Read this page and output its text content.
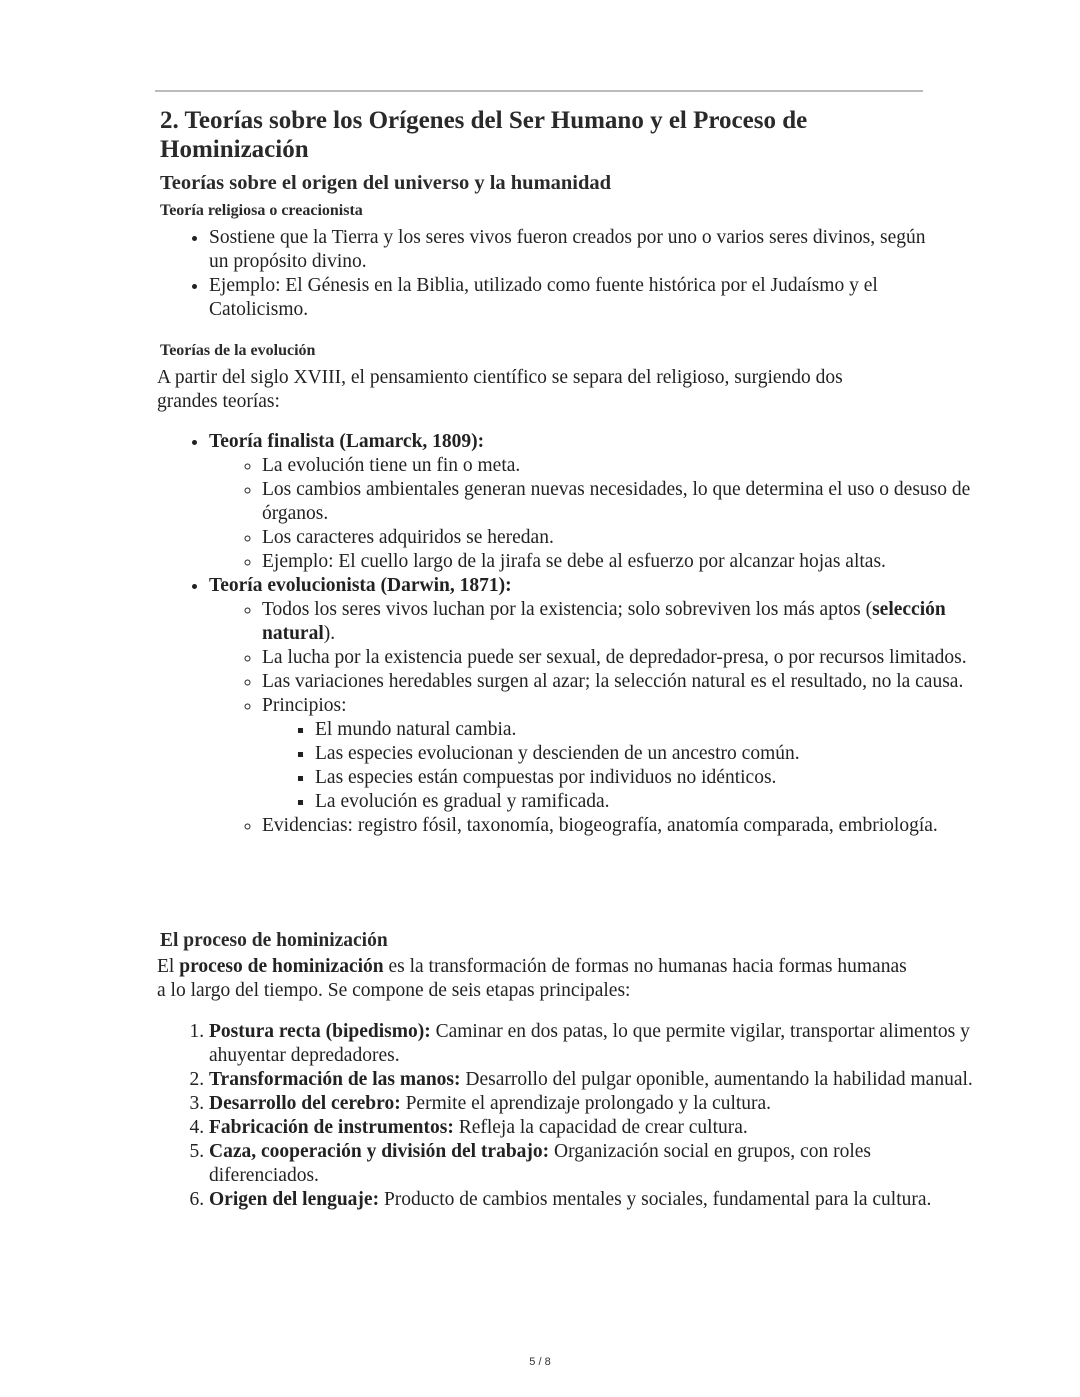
2. Teorías sobre los Orígenes del Ser Humano y el Proceso de Hominización
Teorías sobre el origen del universo y la humanidad
Teoría religiosa o creacionista
• Sostiene que la Tierra y los seres vivos fueron creados por uno o varios seres divinos, según un propósito divino.
• Ejemplo: El Génesis en la Biblia, utilizado como fuente histórica por el Judaísmo y el Catolicismo.
Teorías de la evolución

A partir del siglo XVIII, el pensamiento científico se separa del religioso, surgiendo dos grandes teorías:

• Teoría finalista (Lamarck, 1809):
◦ La evolución tiene un fin o meta.
◦ Los cambios ambientales generan nuevas necesidades, lo que determina el uso o desuso de órganos.
◦ Los caracteres adquiridos se heredan.
◦ Ejemplo: El cuello largo de la jirafa se debe al esfuerzo por alcanzar hojas altas.
• Teoría evolucionista (Darwin, 1871):
◦ Todos los seres vivos luchan por la existencia; solo sobreviven los más aptos (selección natural).
◦ La lucha por la existencia puede ser sexual, de depredador-presa, o por recursos limitados.
◦ Las variaciones heredables surgen al azar; la selección natural es el resultado, no la causa.
◦ Principios:
▪ El mundo natural cambia.
▪ Las especies evolucionan y descienden de un ancestro común.
▪ Las especies están compuestas por individuos no idénticos.
▪ La evolución es gradual y ramificada.
◦ Evidencias: registro fósil, taxonomía, biogeografía, anatomía comparada, embriología.
El proceso de hominización

El proceso de hominización es la transformación de formas no humanas hacia formas humanas a lo largo del tiempo. Se compone de seis etapas principales:

1. Postura recta (bipedismo): Caminar en dos patas, lo que permite vigilar, transportar alimentos y ahuyentar depredadores.
2. Transformación de las manos: Desarrollo del pulgar oponible, aumentando la habilidad manual.
3. Desarrollo del cerebro: Permite el aprendizaje prolongado y la cultura.
4. Fabricación de instrumentos: Refleja la capacidad de crear cultura.
5. Caza, cooperación y división del trabajo: Organización social en grupos, con roles diferenciados.
6. Origen del lenguaje: Producto de cambios mentales y sociales, fundamental para la cultura.
5 / 8
